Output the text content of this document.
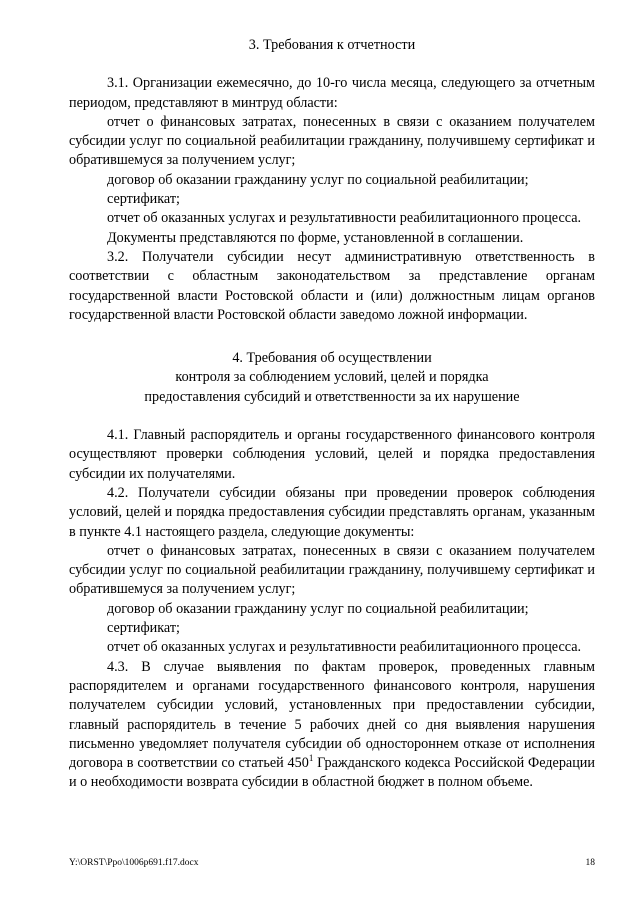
3. Требования к отчетности

3.1. Организации ежемесячно, до 10-го числа месяца, следующего за отчетным периодом, представляют в минтруд области:

отчет о финансовых затратах, понесенных в связи с оказанием получателем субсидии услуг по социальной реабилитации гражданину, получившему сертификат и обратившемуся за получением услуг;

договор об оказании гражданину услуг по социальной реабилитации;

сертификат;

отчет об оказанных услугах и результативности реабилитационного процесса.

Документы представляются по форме, установленной в соглашении.

3.2. Получатели субсидии несут административную ответственность в соответствии с областным законодательством за представление органам государственной власти Ростовской области и (или) должностным лицам органов государственной власти Ростовской области заведомо ложной информации.

4. Требования об осуществлении
контроля за соблюдением условий, целей и порядка
предоставления субсидий и ответственности за их нарушение

4.1. Главный распорядитель и органы государственного финансового контроля осуществляют проверки соблюдения условий, целей и порядка предоставления субсидии их получателями.

4.2. Получатели субсидии обязаны при проведении проверок соблюдения условий, целей и порядка предоставления субсидии представлять органам, указанным в пункте 4.1 настоящего раздела, следующие документы:

отчет о финансовых затратах, понесенных в связи с оказанием получателем субсидии услуг по социальной реабилитации гражданину, получившему сертификат и обратившемуся за получением услуг;

договор об оказании гражданину услуг по социальной реабилитации;

сертификат;

отчет об оказанных услугах и результативности реабилитационного процесса.

4.3. В случае выявления по фактам проверок, проведенных главным распорядителем и органами государственного финансового контроля, нарушения получателем субсидии условий, установленных при предоставлении субсидии, главный распорядитель в течение 5 рабочих дней со дня выявления нарушения письменно уведомляет получателя субсидии об одностороннем отказе от исполнения договора в соответствии со статьей $450^1$ Гражданского кодекса Российской Федерации и о необходимости возврата субсидии в областной бюджет в полном объеме.

Y:\ORST\Ppo\1006p691.f17.docx	18
